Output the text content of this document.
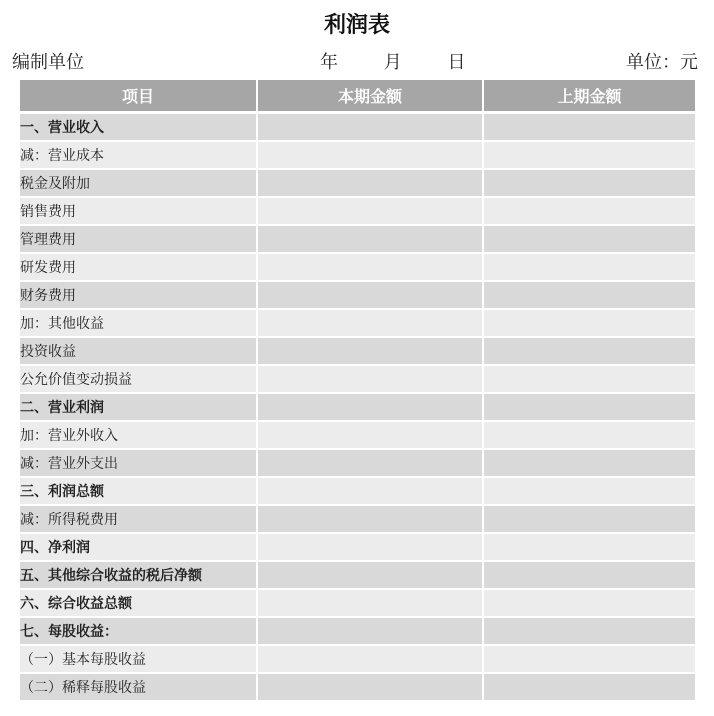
利润表
编制单位	年	月	日	单位：元
项目	本期金额	上期金额
一、营业收入		
减：营业成本		
税金及附加		
销售费用		
管理费用		
研发费用		
财务费用		
加：其他收益		
投资收益		
公允价值变动损益		
二、营业利润		
加：营业外收入		
减：营业外支出		
三、利润总额		
减：所得税费用		
四、净利润		
五、其他综合收益的税后净额		
六、综合收益总额		
七、每股收益：		
（一）基本每股收益		
（二）稀释每股收益		
